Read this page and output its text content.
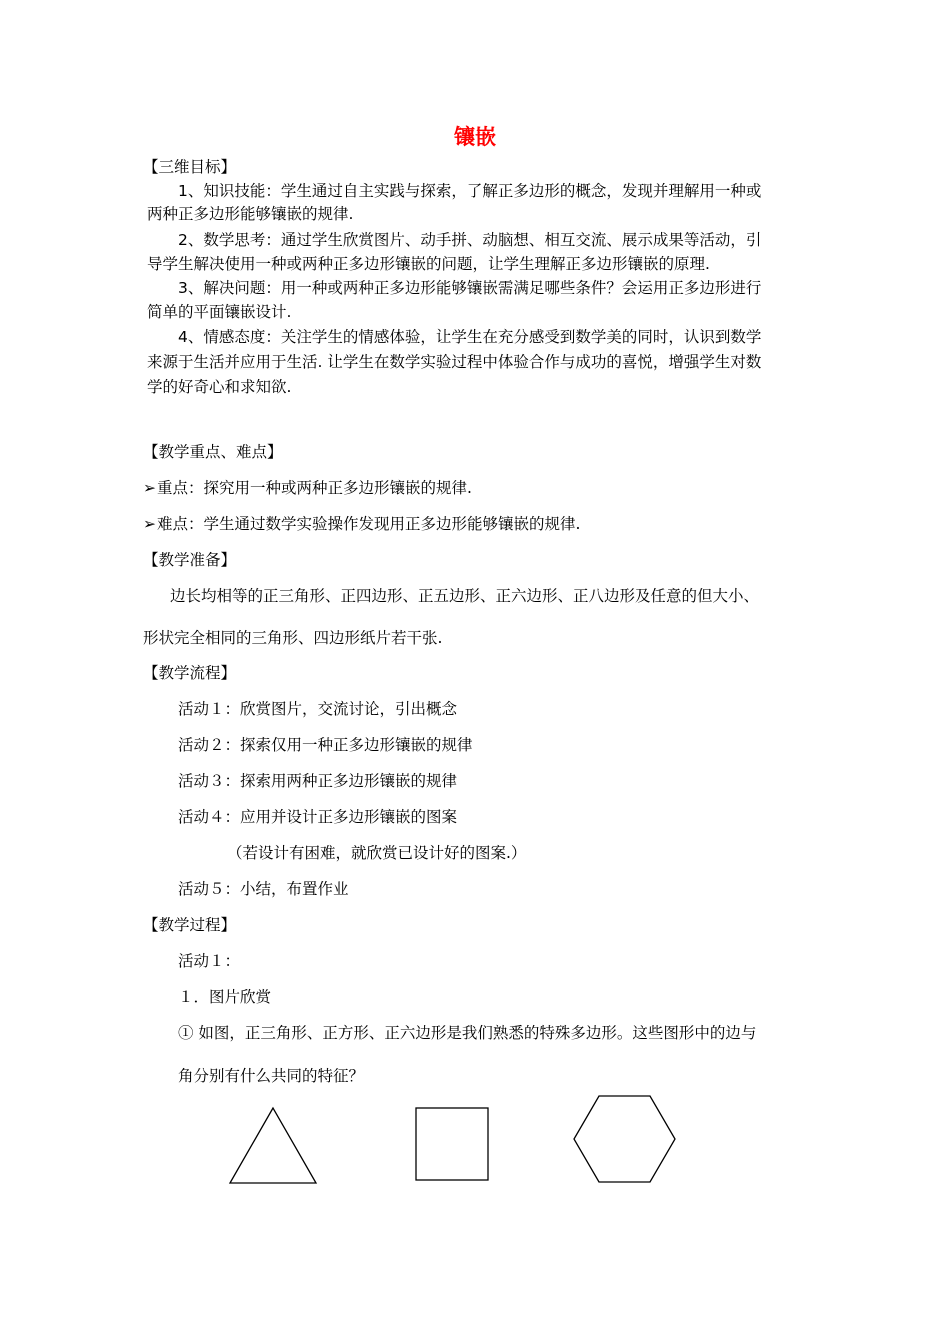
镶嵌

【三维目标】

1、知识技能：学生通过自主实践与探索，了解正多边形的概念，发现并理解用一种或

两种正多边形能够镶嵌的规律.

2、数学思考：通过学生欣赏图片、动手拼、动脑想、相互交流、展示成果等活动，引

导学生解决使用一种或两种正多边形镶嵌的问题，让学生理解正多边形镶嵌的原理.

3、解决问题：用一种或两种正多边形能够镶嵌需满足哪些条件？会运用正多边形进行

简单的平面镶嵌设计.

4、情感态度：关注学生的情感体验，让学生在充分感受到数学美的同时，认识到数学

来源于生活并应用于生活. 让学生在数学实验过程中体验合作与成功的喜悦，增强学生对数

学的好奇心和求知欲.

【教学重点、难点】

➢重点：探究用一种或两种正多边形镶嵌的规律.

➢难点：学生通过数学实验操作发现用正多边形能够镶嵌的规律.

【教学准备】

边长均相等的正三角形、正四边形、正五边形、正六边形、正八边形及任意的但大小、

形状完全相同的三角形、四边形纸片若干张.

【教学流程】

活动１：欣赏图片，交流讨论，引出概念

活动２：探索仅用一种正多边形镶嵌的规律

活动３：探索用两种正多边形镶嵌的规律

活动４：应用并设计正多边形镶嵌的图案

（若设计有困难，就欣赏已设计好的图案.）

活动５：小结，布置作业

【教学过程】

活动１：

１．图片欣赏

① 如图，正三角形、正方形、正六边形是我们熟悉的特殊多边形。这些图形中的边与

角分别有什么共同的特征？
